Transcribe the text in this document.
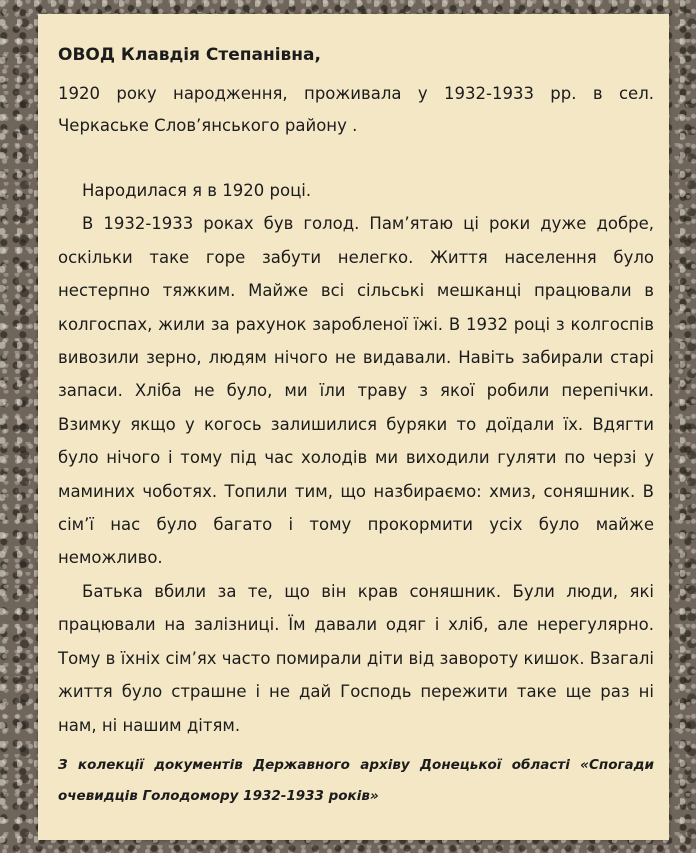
ОВОД Клавдія Степанівна,

1920 року народження, проживала у 1932-1933 рр. в сел. Черкаське Слов’янського району .

Народилася я в 1920 році.

В 1932-1933 роках був голод. Пам’ятаю ці роки дуже добре, оскільки таке горе забути нелегко. Життя населення було нестерпно тяжким. Майже всі сільські мешканці працювали в колгоспах, жили за рахунок заробленої їжі. В 1932 році з колгоспів вивозили зерно, людям нічого не видавали. Навіть забирали старі запаси. Хліба не було, ми їли траву з якої робили перепічки. Взимку якщо у когось залишилися буряки то доїдали їх. Вдягти було нічого і тому під час холодів ми виходили гуляти по черзі у маминих чоботях. Топили тим, що назбираємо: хмиз, соняшник. В сім’ї нас було багато і тому прокормити усіх було майже неможливо.

Батька вбили за те, що він крав соняшник. Були люди, які працювали на залізниці. Їм давали одяг і хліб, але нерегулярно. Тому в їхніх сім’ях часто помирали діти від завороту кишок. Взагалі життя було страшне і не дай Господь пережити таке ще раз ні нам, ні нашим дітям.

З колекції документів Державного архіву Донецької області «Спогади очевидців Голодомору 1932-1933 років»
